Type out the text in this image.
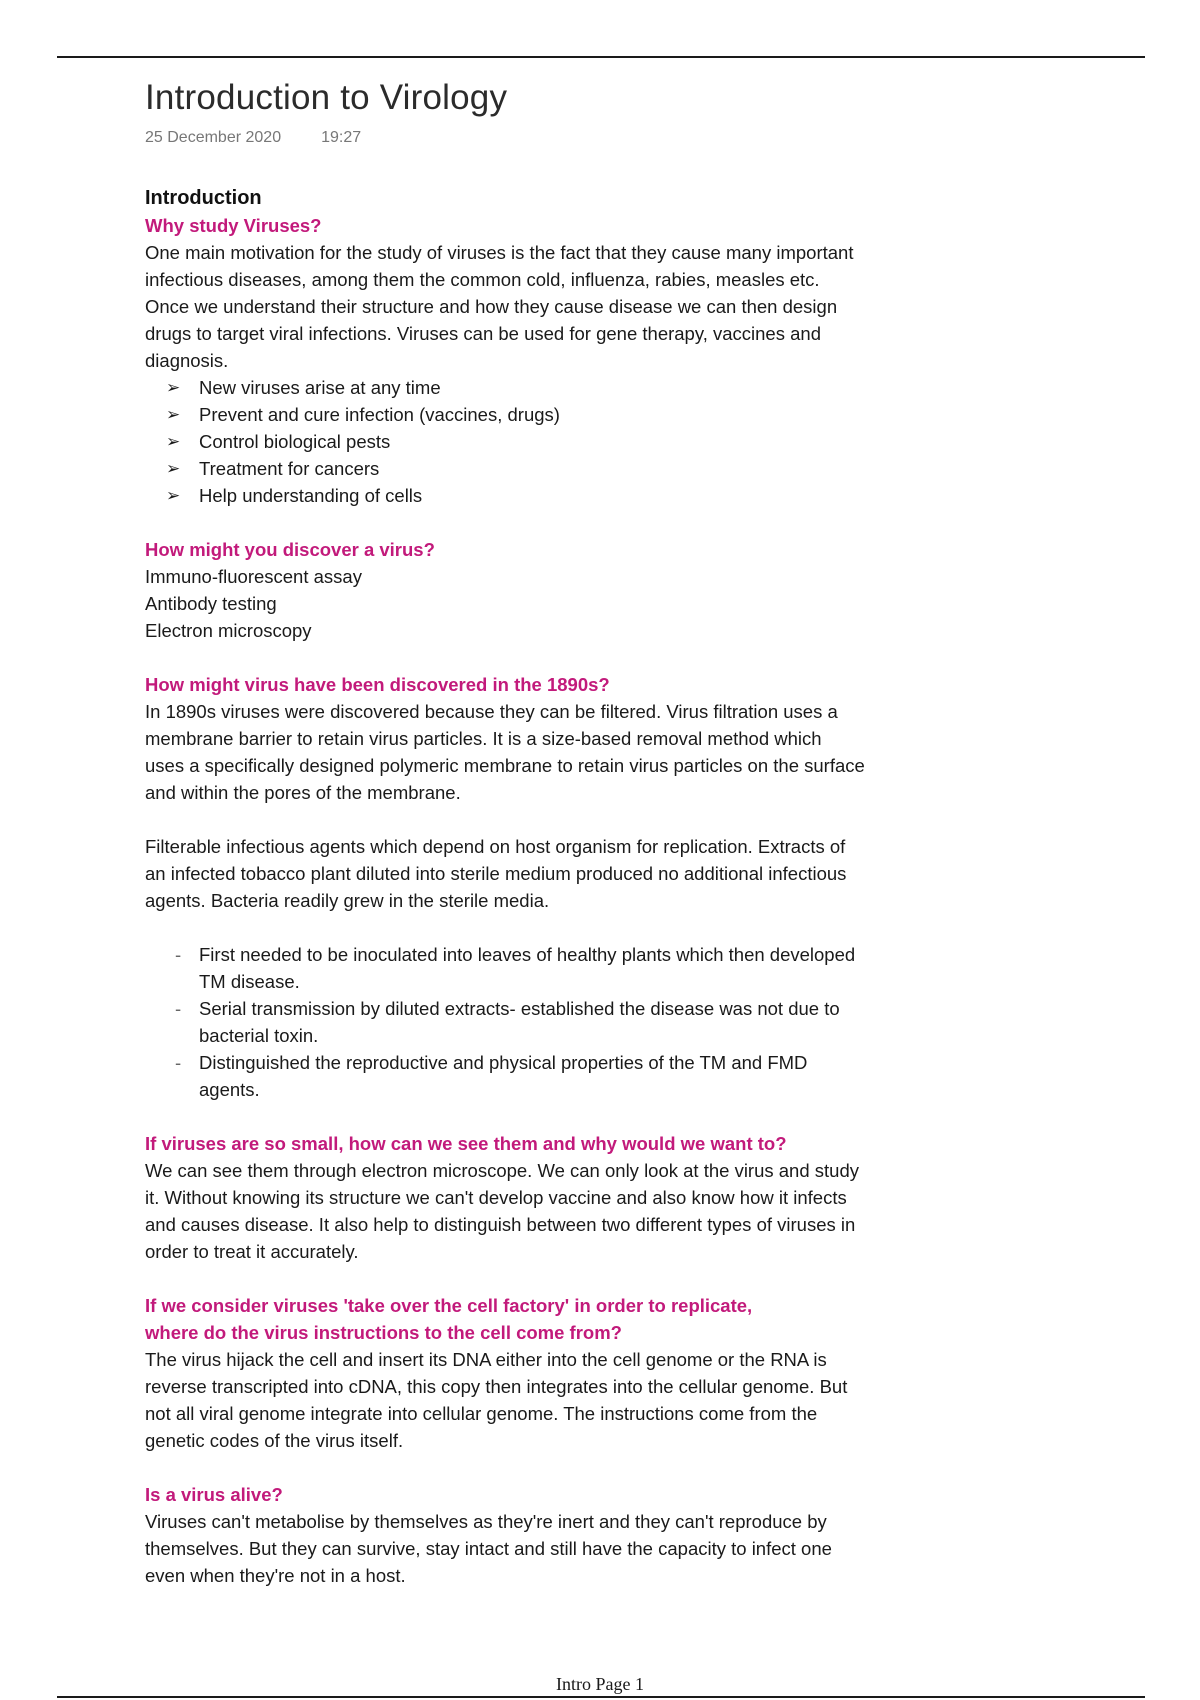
Introduction to Virology
25 December 2020	19:27
Introduction
Why study Viruses?

One main motivation for the study of viruses is the fact that they cause many important infectious diseases, among them the common cold, influenza, rabies, measles etc.

Once we understand their structure and how they cause disease we can then design drugs to target viral infections. Viruses can be used for gene therapy, vaccines and diagnosis.

➢ New viruses arise at any time
➢ Prevent and cure infection (vaccines, drugs)
➢ Control biological pests
➢ Treatment for cancers
➢ Help understanding of cells
How might you discover a virus?

Immuno-fluorescent assay

Antibody testing

Electron microscopy

How might virus have been discovered in the 1890s?

In 1890s viruses were discovered because they can be filtered. Virus filtration uses a membrane barrier to retain virus particles. It is a size-based removal method which uses a specifically designed polymeric membrane to retain virus particles on the surface and within the pores of the membrane.

Filterable infectious agents which depend on host organism for replication. Extracts of an infected tobacco plant diluted into sterile medium produced no additional infectious agents. Bacteria readily grew in the sterile media.

- First needed to be inoculated into leaves of healthy plants which then developed TM disease.
- Serial transmission by diluted extracts- established the disease was not due to bacterial toxin.
- Distinguished the reproductive and physical properties of the TM and FMD agents.
If viruses are so small, how can we see them and why would we want to?

We can see them through electron microscope. We can only look at the virus and study it. Without knowing its structure we can't develop vaccine and also know how it infects and causes disease. It also help to distinguish between two different types of viruses in order to treat it accurately.

If we consider viruses 'take over the cell factory' in order to replicate,
where do the virus instructions to the cell come from?

The virus hijack the cell and insert its DNA either into the cell genome or the RNA is reverse transcripted into cDNA, this copy then integrates into the cellular genome. But not all viral genome integrate into cellular genome. The instructions come from the genetic codes of the virus itself.

Is a virus alive?

Viruses can't metabolise by themselves as they're inert and they can't reproduce by themselves. But they can survive, stay intact and still have the capacity to infect one even when they're not in a host.

Intro Page 1
